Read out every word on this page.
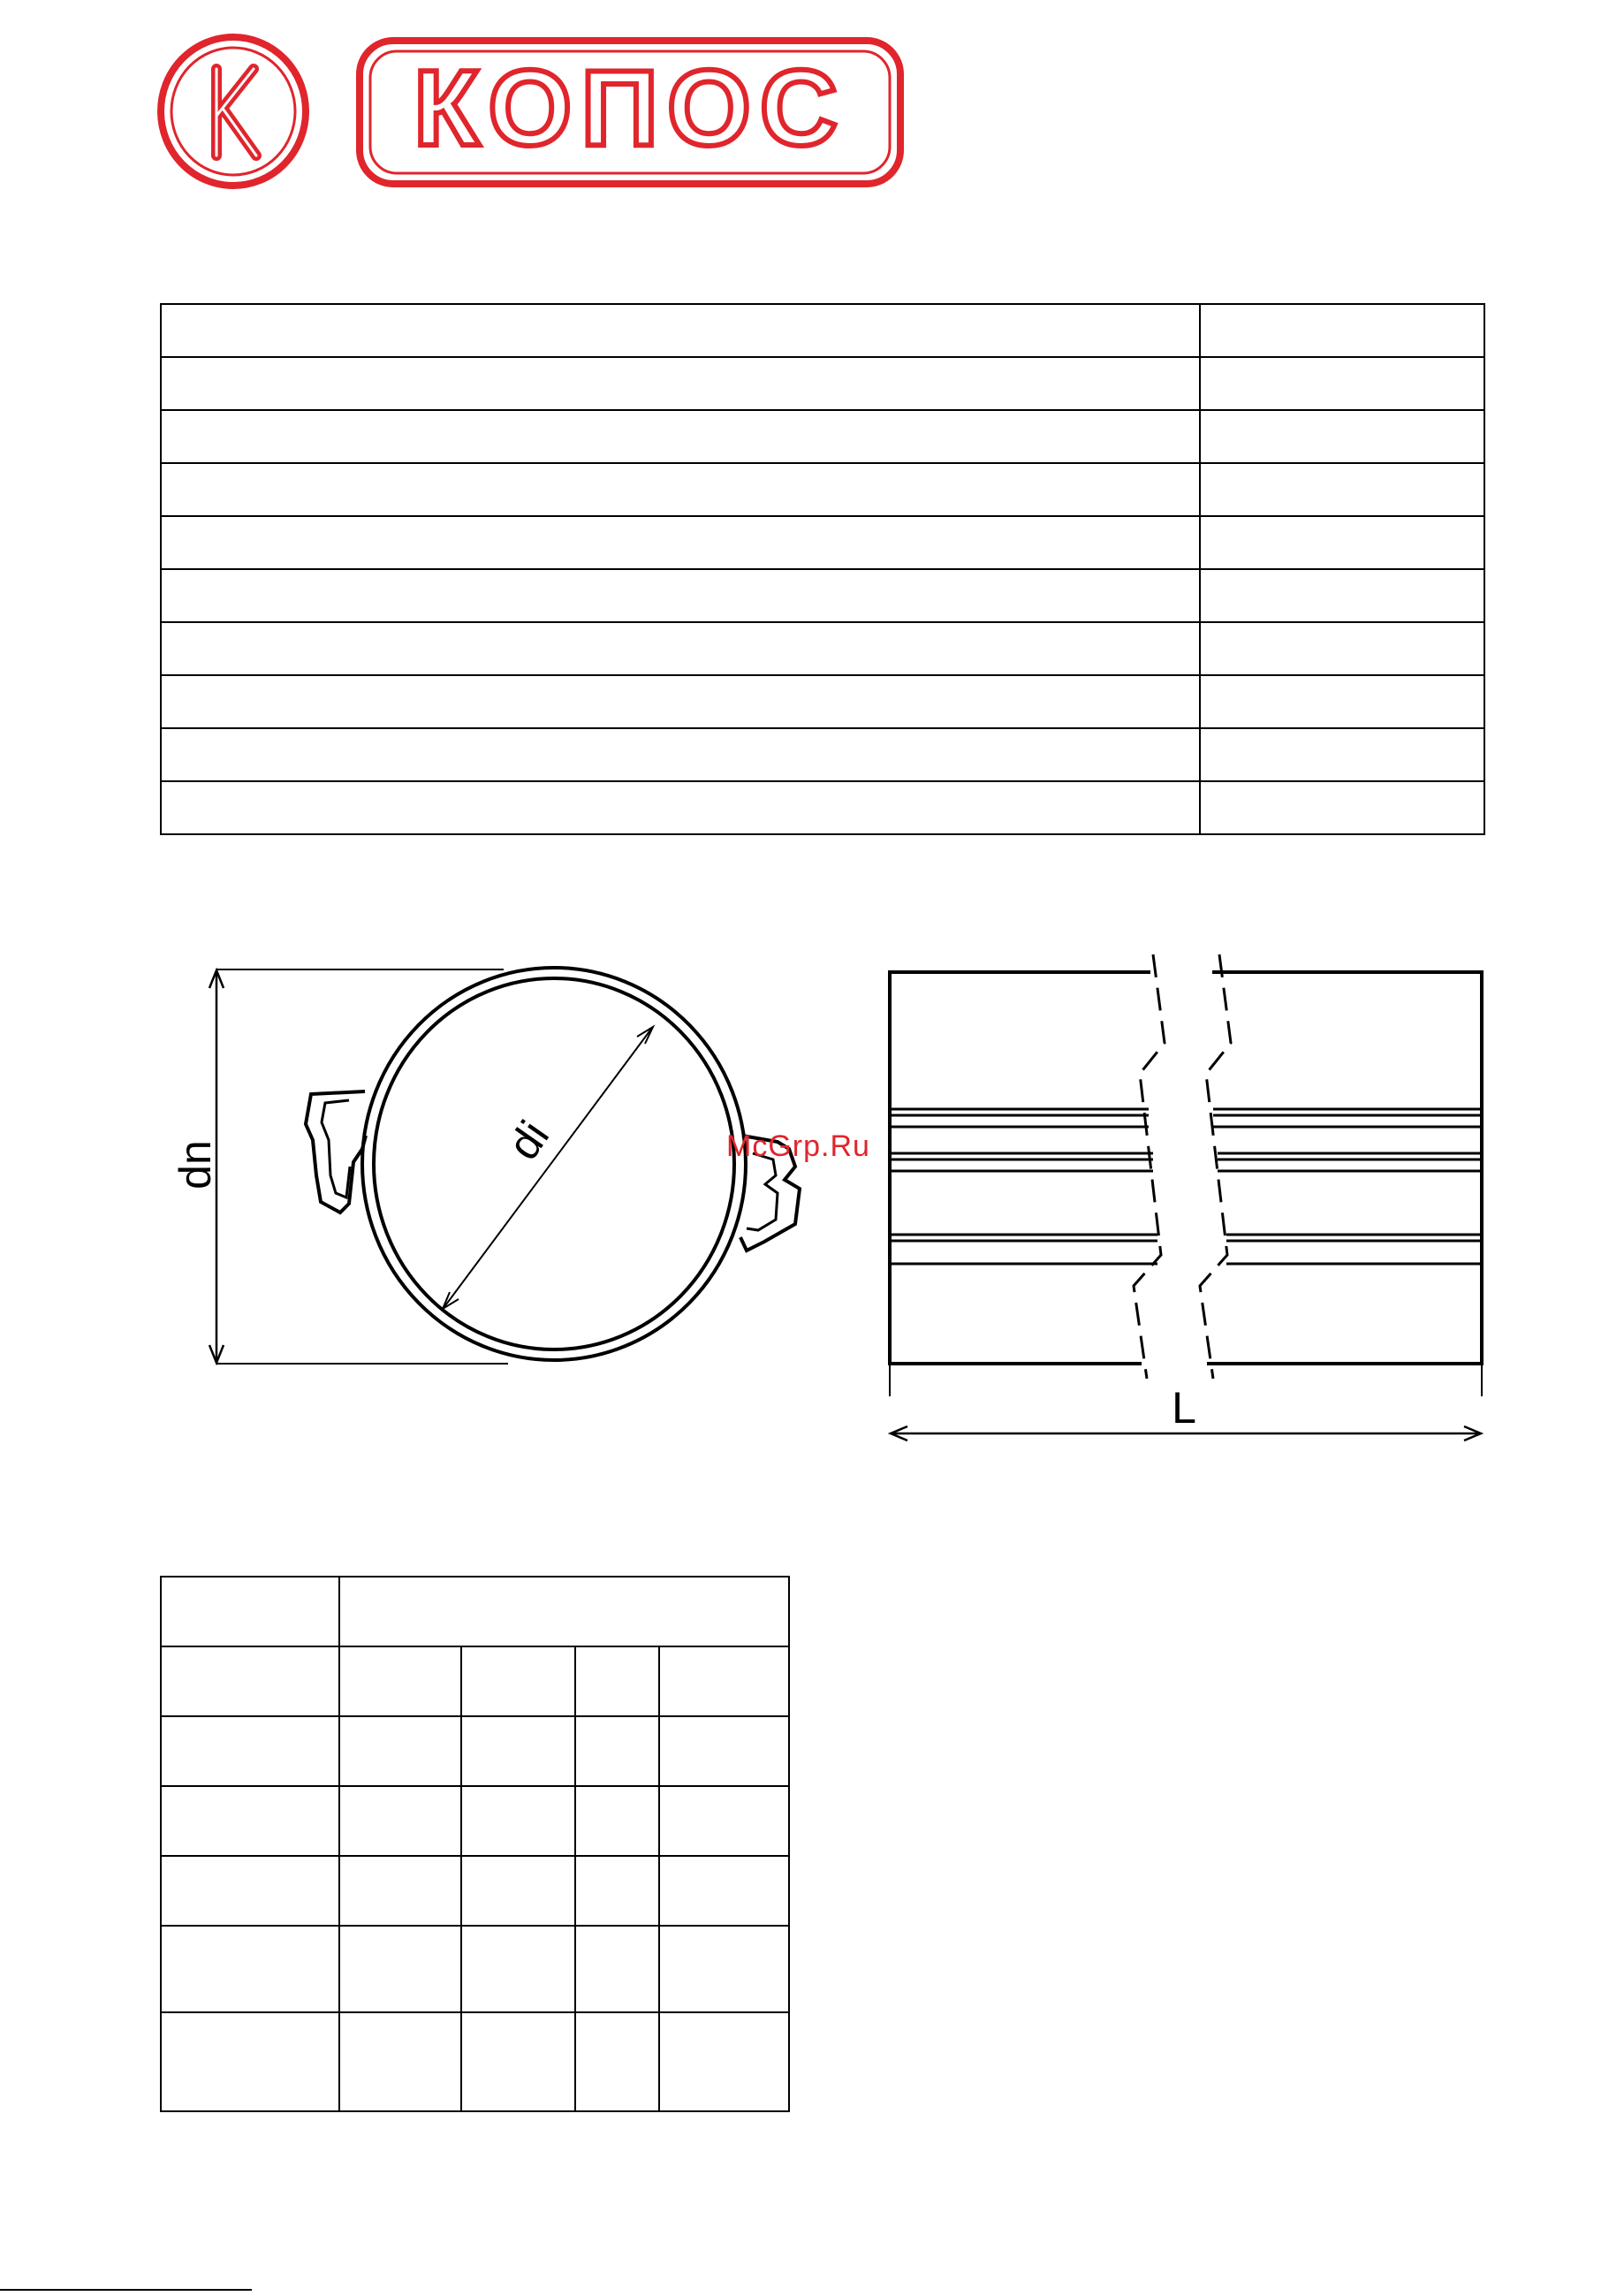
КОПОС

dn	di
L
McGrp.Ru
